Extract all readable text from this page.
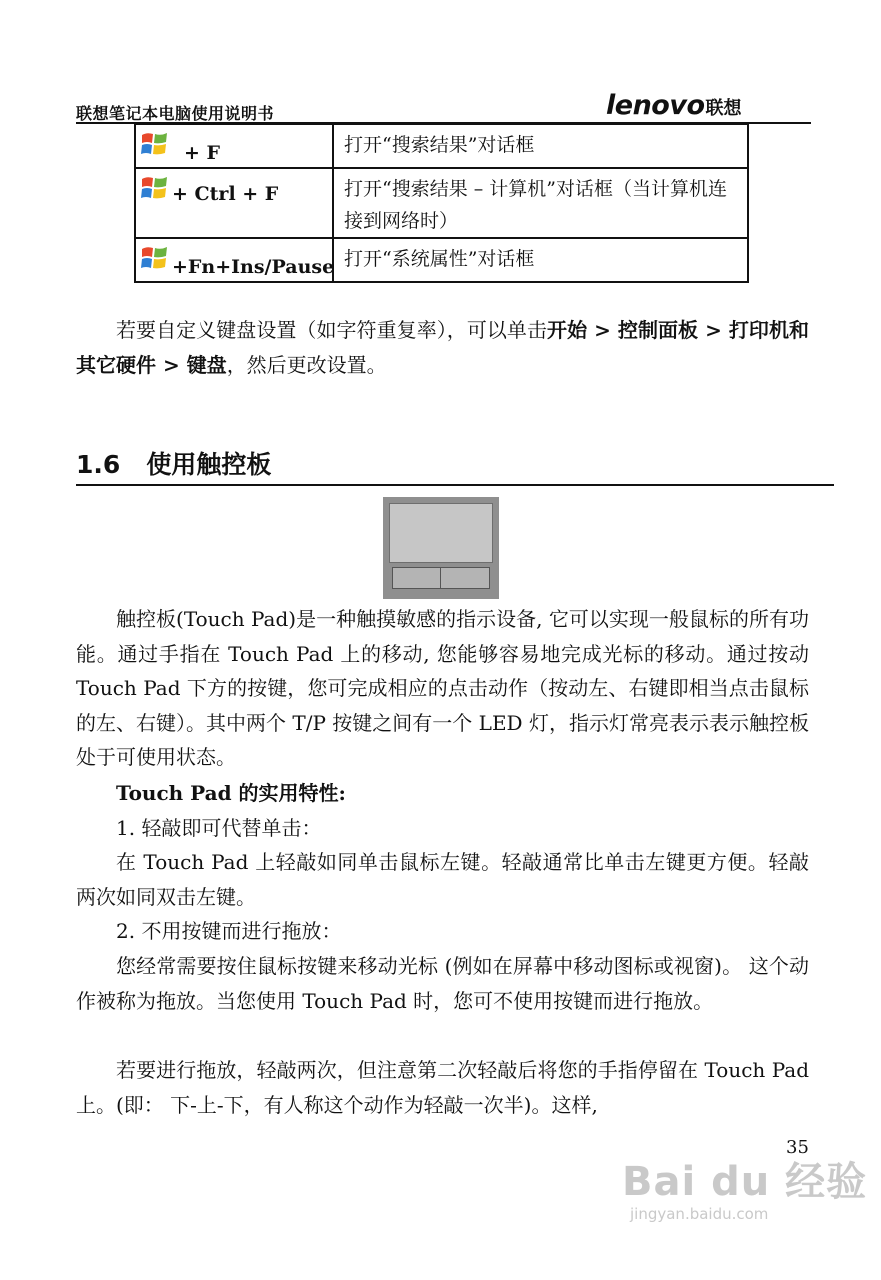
联想笔记本电脑使用说明书	lenovo 联想
+ F	打开“搜索结果”对话框

+ Ctrl + F	打开“搜索结果 – 计算机”对话框（当计算机连接到网络时）

+Fn+Ins/Pause	打开“系统属性”对话框
若要自定义键盘设置（如字符重复率），可以单击开始 > 控制面板 > 打印机和其它硬件 > 键盘，然后更改设置。
1.6 使用触控板
触控板(Touch Pad)是一种触摸敏感的指示设备, 它可以实现一般鼠标的所有功能。通过手指在 Touch Pad 上的移动, 您能够容易地完成光标的移动。通过按动 Touch Pad 下方的按键，您可完成相应的点击动作（按动左、右键即相当点击鼠标的左、右键）。其中两个 T/P 按键之间有一个 LED 灯，指示灯常亮表示表示触控板处于可使用状态。
Touch Pad 的实用特性:
1. 轻敲即可代替单击：
在 Touch Pad 上轻敲如同单击鼠标左键。轻敲通常比单击左键更方便。轻敲两次如同双击左键。
2. 不用按键而进行拖放：
您经常需要按住鼠标按键来移动光标 (例如在屏幕中移动图标或视窗)。 这个动作被称为拖放。当您使用 Touch Pad 时，您可不使用按键而进行拖放。
若要进行拖放，轻敲两次，但注意第二次轻敲后将您的手指停留在 Touch Pad 上。(即： 下-上-下，有人称这个动作为轻敲一次半)。这样,
35
Bai du 经验
jingyan.baidu.com
